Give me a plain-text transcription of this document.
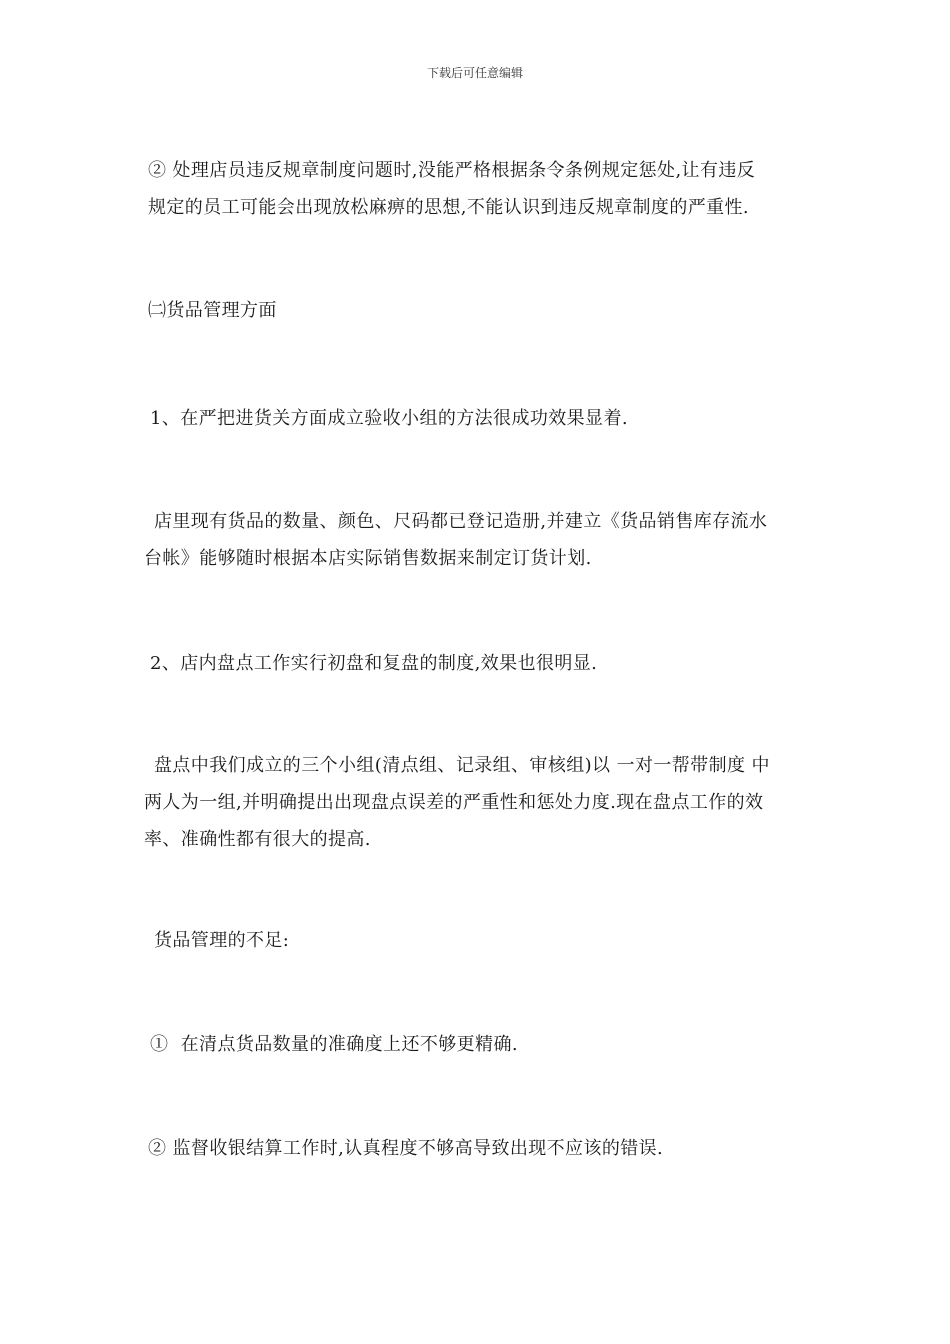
下载后可任意编辑
② 处理店员违反规章制度问题时,没能严格根据条令条例规定惩处,让有违反
规定的员工可能会出现放松麻痹的思想,不能认识到违反规章制度的严重性.
㈡货品管理方面
1、在严把进货关方面成立验收小组的方法很成功效果显着.
店里现有货品的数量、颜色、尺码都已登记造册,并建立《货品销售库存流水
台帐》能够随时根据本店实际销售数据来制定订货计划.
2、店内盘点工作实行初盘和复盘的制度,效果也很明显.
盘点中我们成立的三个小组(清点组、记录组、审核组)以 一对一帮带制度 中
两人为一组,并明确提出出现盘点误差的严重性和惩处力度.现在盘点工作的效
率、准确性都有很大的提高.
货品管理的不足:
①  在清点货品数量的准确度上还不够更精确.
② 监督收银结算工作时,认真程度不够高导致出现不应该的错误.
